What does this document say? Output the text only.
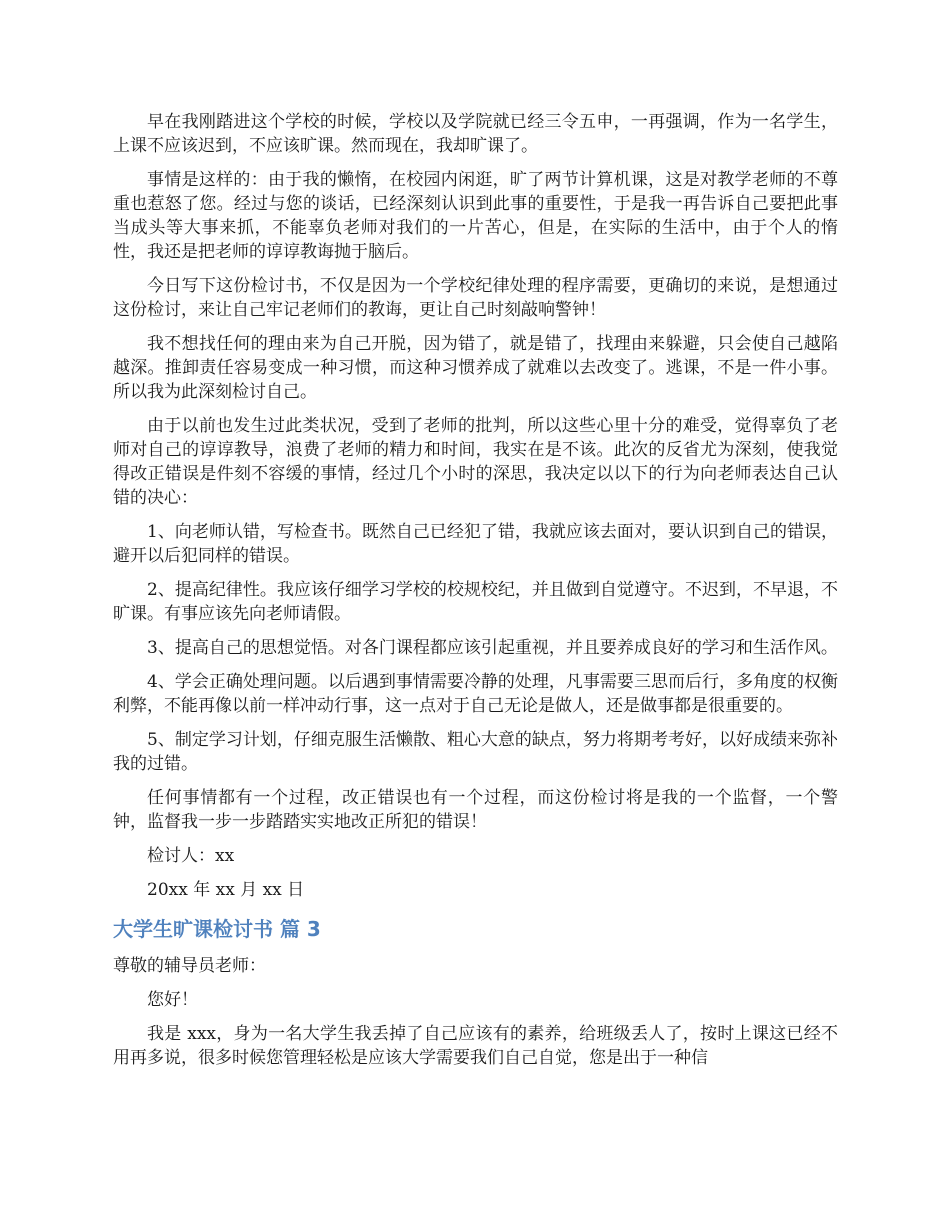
早在我刚踏进这个学校的时候，学校以及学院就已经三令五申，一再强调，作为一名学生，上课不应该迟到，不应该旷课。然而现在，我却旷课了。

事情是这样的：由于我的懒惰，在校园内闲逛，旷了两节计算机课，这是对教学老师的不尊重也惹怒了您。经过与您的谈话，已经深刻认识到此事的重要性，于是我一再告诉自己要把此事当成头等大事来抓，不能辜负老师对我们的一片苦心，但是，在实际的生活中，由于个人的惰性，我还是把老师的谆谆教诲抛于脑后。

今日写下这份检讨书，不仅是因为一个学校纪律处理的程序需要，更确切的来说，是想通过这份检讨，来让自己牢记老师们的教诲，更让自己时刻敲响警钟！

我不想找任何的理由来为自己开脱，因为错了，就是错了，找理由来躲避，只会使自己越陷越深。推卸责任容易变成一种习惯，而这种习惯养成了就难以去改变了。逃课，不是一件小事。所以我为此深刻检讨自己。

由于以前也发生过此类状况，受到了老师的批判，所以这些心里十分的难受，觉得辜负了老师对自己的谆谆教导，浪费了老师的精力和时间，我实在是不该。此次的反省尤为深刻，使我觉得改正错误是件刻不容缓的事情，经过几个小时的深思，我决定以以下的行为向老师表达自己认错的决心：

1、向老师认错，写检查书。既然自己已经犯了错，我就应该去面对，要认识到自己的错误，避开以后犯同样的错误。

2、提高纪律性。我应该仔细学习学校的校规校纪，并且做到自觉遵守。不迟到，不早退，不旷课。有事应该先向老师请假。

3、提高自己的思想觉悟。对各门课程都应该引起重视，并且要养成良好的学习和生活作风。

4、学会正确处理问题。以后遇到事情需要冷静的处理，凡事需要三思而后行，多角度的权衡利弊，不能再像以前一样冲动行事，这一点对于自己无论是做人，还是做事都是很重要的。

5、制定学习计划，仔细克服生活懒散、粗心大意的缺点，努力将期考考好，以好成绩来弥补我的过错。

任何事情都有一个过程，改正错误也有一个过程，而这份检讨将是我的一个监督，一个警钟，监督我一步一步踏踏实实地改正所犯的错误！

检讨人：xx

20xx 年 xx 月 xx 日

大学生旷课检讨书 篇 3

尊敬的辅导员老师：

您好！

我是 xxx，身为一名大学生我丢掉了自己应该有的素养，给班级丢人了，按时上课这已经不用再多说，很多时候您管理轻松是应该大学需要我们自己自觉，您是出于一种信
